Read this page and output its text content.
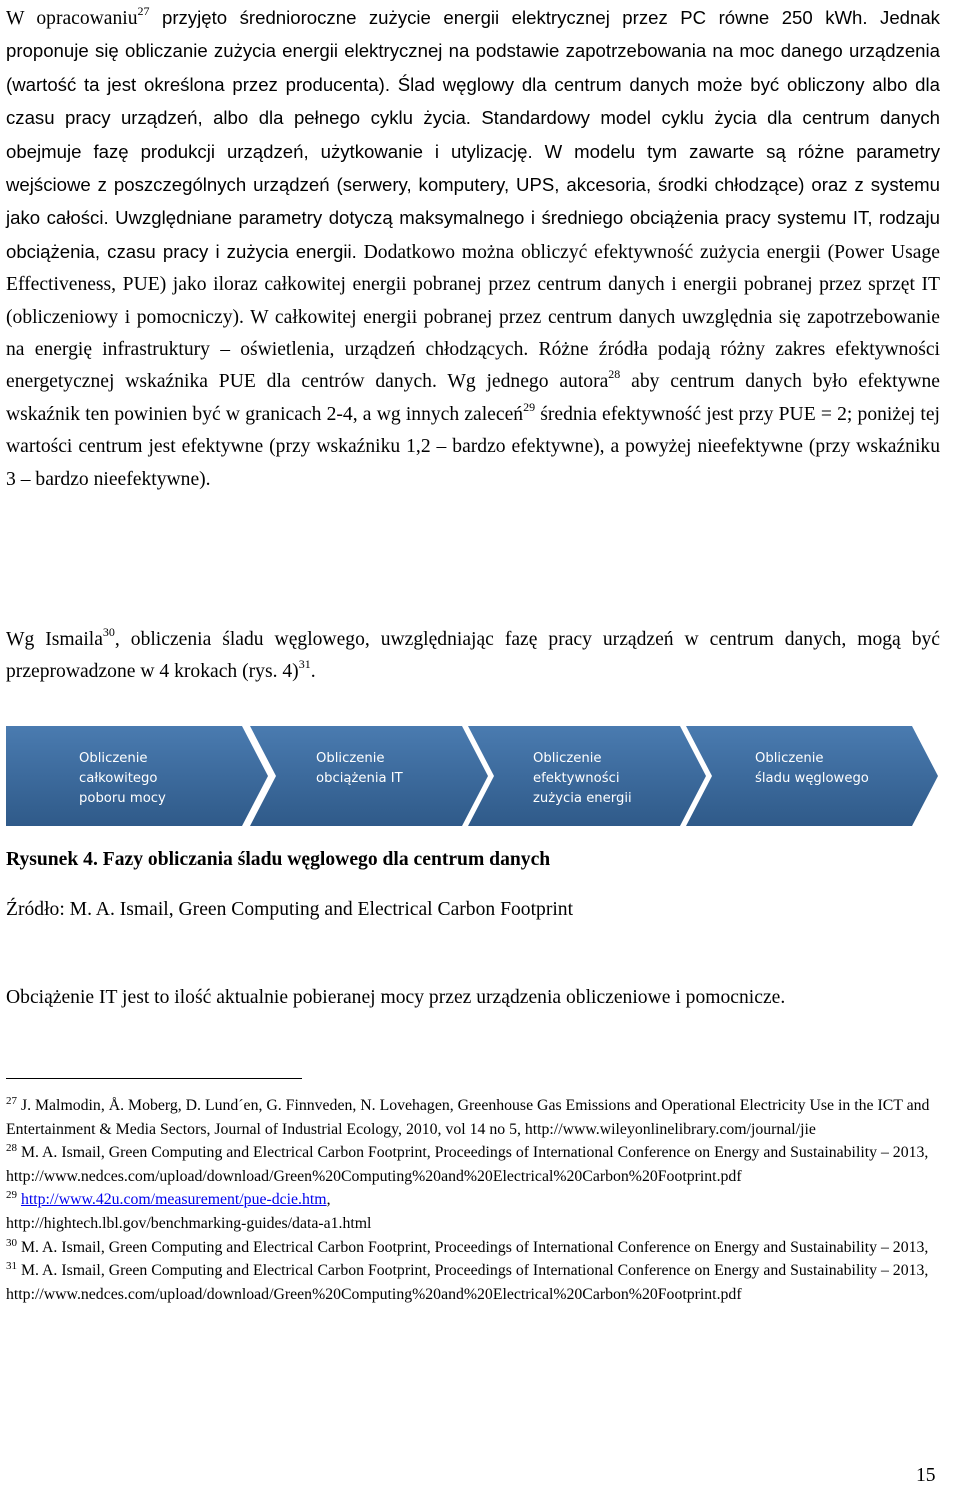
W opracowaniu$^{27}$ przyjęto średnioroczne zużycie energii elektrycznej przez PC równe 250 kWh. Jednak proponuje się obliczanie zużycia energii elektrycznej na podstawie zapotrzebowania na moc danego urządzenia (wartość ta jest określona przez producenta). Ślad węglowy dla centrum danych może być obliczony albo dla czasu pracy urządzeń, albo dla pełnego cyklu życia. Standardowy model cyklu życia dla centrum danych obejmuje fazę produkcji urządzeń, użytkowanie i utylizację. W modelu tym zawarte są różne parametry wejściowe z poszczególnych urządzeń (serwery, komputery, UPS, akcesoria, środki chłodzące) oraz z systemu jako całości. Uwzględniane parametry dotyczą maksymalnego i średniego obciążenia pracy systemu IT, rodzaju obciążenia, czasu pracy i zużycia energii. Dodatkowo można obliczyć efektywność zużycia energii (Power Usage Effectiveness, PUE) jako iloraz całkowitej energii pobranej przez centrum danych i energii pobranej przez sprzęt IT (obliczeniowy i pomocniczy). W całkowitej energii pobranej przez centrum danych uwzględnia się zapotrzebowanie na energię infrastruktury – oświetlenia, urządzeń chłodzących. Różne źródła podają różny zakres efektywności energetycznej wskaźnika PUE dla centrów danych. Wg jednego autora$^{28}$ aby centrum danych było efektywne wskaźnik ten powinien być w granicach 2-4, a wg innych zaleceń$^{29}$ średnia efektywność jest przy PUE = 2; poniżej tej wartości centrum jest efektywne (przy wskaźniku 1,2 – bardzo efektywne), a powyżej nieefektywne (przy wskaźniku 3 – bardzo nieefektywne).

Wg Ismaila$^{30}$, obliczenia śladu węglowego, uwzględniając fazę pracy urządzeń w centrum danych, mogą być przeprowadzone w 4 krokach (rys. 4)$^{31}$.

Obliczenie
całkowitego
poboru mocy
Obliczenie
obciążenia IT
Obliczenie
efektywności
zużycia energii
Obliczenie
śladu węglowego
Rysunek 4. Fazy obliczania śladu węglowego dla centrum danych
Źródło: M. A. Ismail, Green Computing and Electrical Carbon Footprint

Obciążenie IT jest to ilość aktualnie pobieranej mocy przez urządzenia obliczeniowe i pomocnicze.

$^{27}$ J. Malmodin, Å. Moberg, D. Lund´en, G. Finnveden, N. Lovehagen, Greenhouse Gas Emissions and Operational Electricity Use in the ICT and Entertainment & Media Sectors, Journal of Industrial Ecology, 2010, vol 14 no 5, http://www.wileyonlinelibrary.com/journal/jie

$^{28}$ M. A. Ismail, Green Computing and Electrical Carbon Footprint, Proceedings of International Conference on Energy and Sustainability – 2013,
http://www.nedces.com/upload/download/Green%20Computing%20and%20Electrical%20Carbon%20Footprint.pdf

$^{29}$ http://www.42u.com/measurement/pue-dcie.htm,
http://hightech.lbl.gov/benchmarking-guides/data-a1.html

$^{30}$ M. A. Ismail, Green Computing and Electrical Carbon Footprint, Proceedings of International Conference on Energy and Sustainability – 2013,

$^{31}$ M. A. Ismail, Green Computing and Electrical Carbon Footprint, Proceedings of International Conference on Energy and Sustainability – 2013,
http://www.nedces.com/upload/download/Green%20Computing%20and%20Electrical%20Carbon%20Footprint.pdf

15
